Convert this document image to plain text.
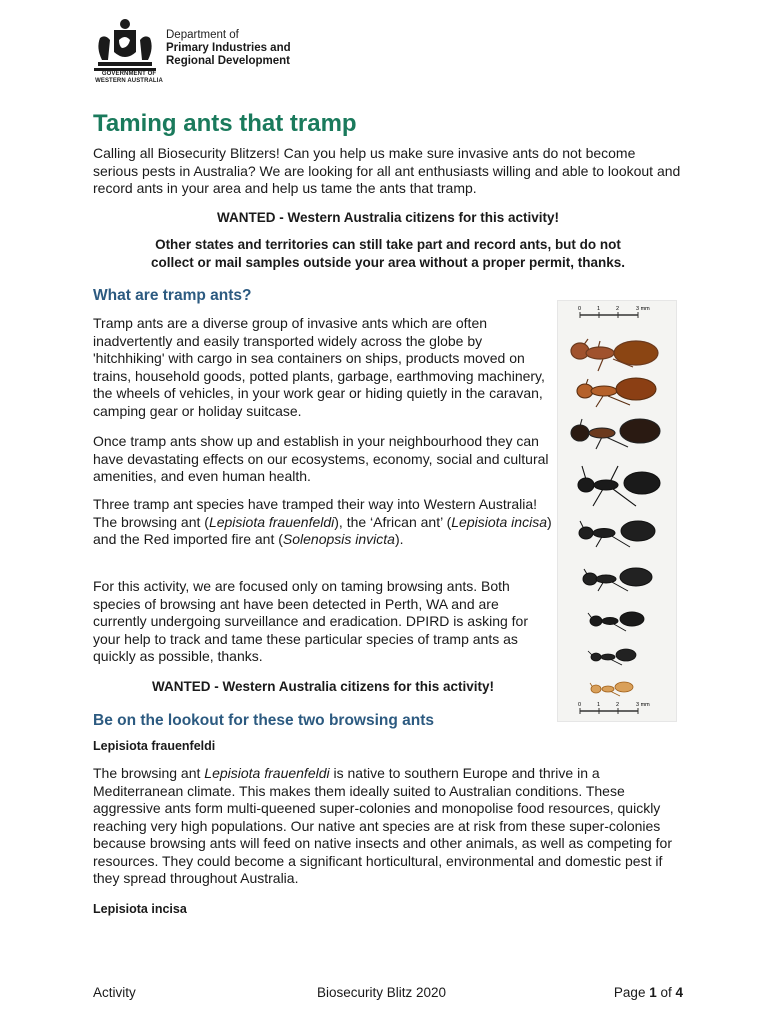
GOVERNMENT OF
WESTERN AUSTRALIA
Department of
Primary Industries and
Regional Development
Taming ants that tramp

Calling all Biosecurity Blitzers! Can you help us make sure invasive ants do not become serious pests in Australia? We are looking for all ant enthusiasts willing and able to lookout and record ants in your area and help us tame the ants that tramp.

WANTED - Western Australia citizens for this activity!

Other states and territories can still take part and record ants, but do not
collect or mail samples outside your area without a proper permit, thanks.
What are tramp ants?

Tramp ants are a diverse group of invasive ants which are often inadvertently and easily transported widely across the globe by 'hitchhiking' with cargo in sea containers on ships, products moved on trains, household goods, potted plants, garbage, earthmoving machinery, the wheels of vehicles, in your work gear or hiding quietly in the caravan, camping gear or holiday suitcase.

Once tramp ants show up and establish in your neighbourhood they can have devastating effects on our ecosystems, economy, social and cultural amenities, and even human health.

Three tramp ant species have tramped their way into Western Australia! The browsing ant (Lepisiota frauenfeldi), the ‘African ant’ (Lepisiota incisa) and the Red imported fire ant (Solenopsis invicta).

For this activity, we are focused only on taming browsing ants. Both species of browsing ant have been detected in Perth, WA and are currently undergoing surveillance and eradication. DPIRD is asking for your help to track and tame these particular species of tramp ants as quickly as possible, thanks.

WANTED - Western Australia citizens for this activity!

0	1	2	3 mm
0	1	2	3 mm
Be on the lookout for these two browsing ants
Lepisiota frauenfeldi

The browsing ant Lepisiota frauenfeldi is native to southern Europe and thrive in a Mediterranean climate. This makes them ideally suited to Australian conditions. These aggressive ants form multi-queened super-colonies and monopolise food resources, quickly reaching very high populations. Our native ant species are at risk from these super-colonies because browsing ants will feed on native insects and other animals, as well as competing for resources. They could become a significant horticultural, environmental and domestic pest if they spread throughout Australia.

Lepisiota incisa
Activity	Biosecurity Blitz 2020	Page 1 of 4
